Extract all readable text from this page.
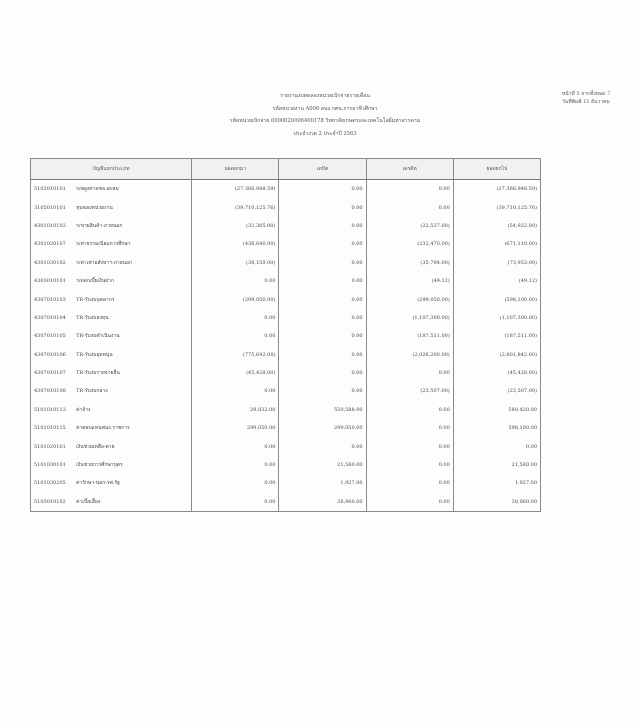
รายงานงบทดลองหน่วยเบิกจ่ายรายเดือน
รหัสหน่วยงาน A006 สนง.กศน.การอาชีวศึกษา
รหัสหน่วยเบิกจ่าย 0000020006400178 วิทยาลัยเกษตรและเทคโนโลยีมหาสารคาม
ประจำงวด 2 ประจำปี 2563
หน้าที่ 5 จากทั้งหมด 7
วันที่พิมพ์ 15 ธันวาคม
บัญชีแยกประเภท		ยอดยกมา	เดบิต	เครดิต	ยอดยกไป
5102010101	ร/พลูงค่าคชจ.สะสม	(27,366,948.59)	0.00	0.00	(27,366,948.59)
3105010101	ทุนของหน่วยงาน	(39,710,125.76)	0.00	0.00	(39,710,125.76)
4301010102	ร/ขายสินค้า-ภายนอก	(32,385.00)	0.00	(22,537.00)	(54,922.00)
4301020107	ร/ค่าธรรมเนียมการศึกษา	(438,640.00)	0.00	(232,470.00)	(671,110.00)
4301030102	ร/ค่าเช่าอสังหาฯ-ภายนอก	(38,159.00)	0.00	(35,794.00)	(73,953.00)
4303010101	ร/ดอกเบี้ยเงินฝาก	0.00	0.00	(49.12)	(49.12)
4307010103	TR-รับงบบุคลากร	(299,050.00)	0.00	(299,050.00)	(598,100.00)
4307010104	TR-รับงบลงทุน	0.00	0.00	(1,107,300.00)	(1,107,300.00)
4307010105	TR-รับงบดำเนินงาน	0.00	0.00	(187,511.00)	(187,511.00)
4307010106	TR-รับงบอุดหนุน	(775,642.00)	0.00	(2,026,200.00)	(2,801,842.00)
4307010107	TR-รับงบรายจ่ายอื่น	(45,428.00)	0.00	0.00	(45,428.00)
4307010108	TR-รับงบกลาง	0.00	0.00	(23,507.00)	(23,507.00)
5101010113	ค่าจ้าง	29,832.00	550,588.00	0.00	580,420.00
5101010115	ค่าตอบแทนพนง.ราชการ	299,050.00	299,050.00	0.00	598,100.00
5101020101	เงินช่วยเหลือ-ตาย	0.00	0.00	0.00	0.00
5101030101	เงินช่วยการศึกษาบุตร	0.00	21,580.00	0.00	21,580.00
5101030205	ค่ารักษา-นอก-รพ.รัฐ	0.00	1,927.00	0.00	1,927.00
5103010102	ค่าเบี้ยเลี้ยง	0.00	38,960.00	0.00	38,960.00
